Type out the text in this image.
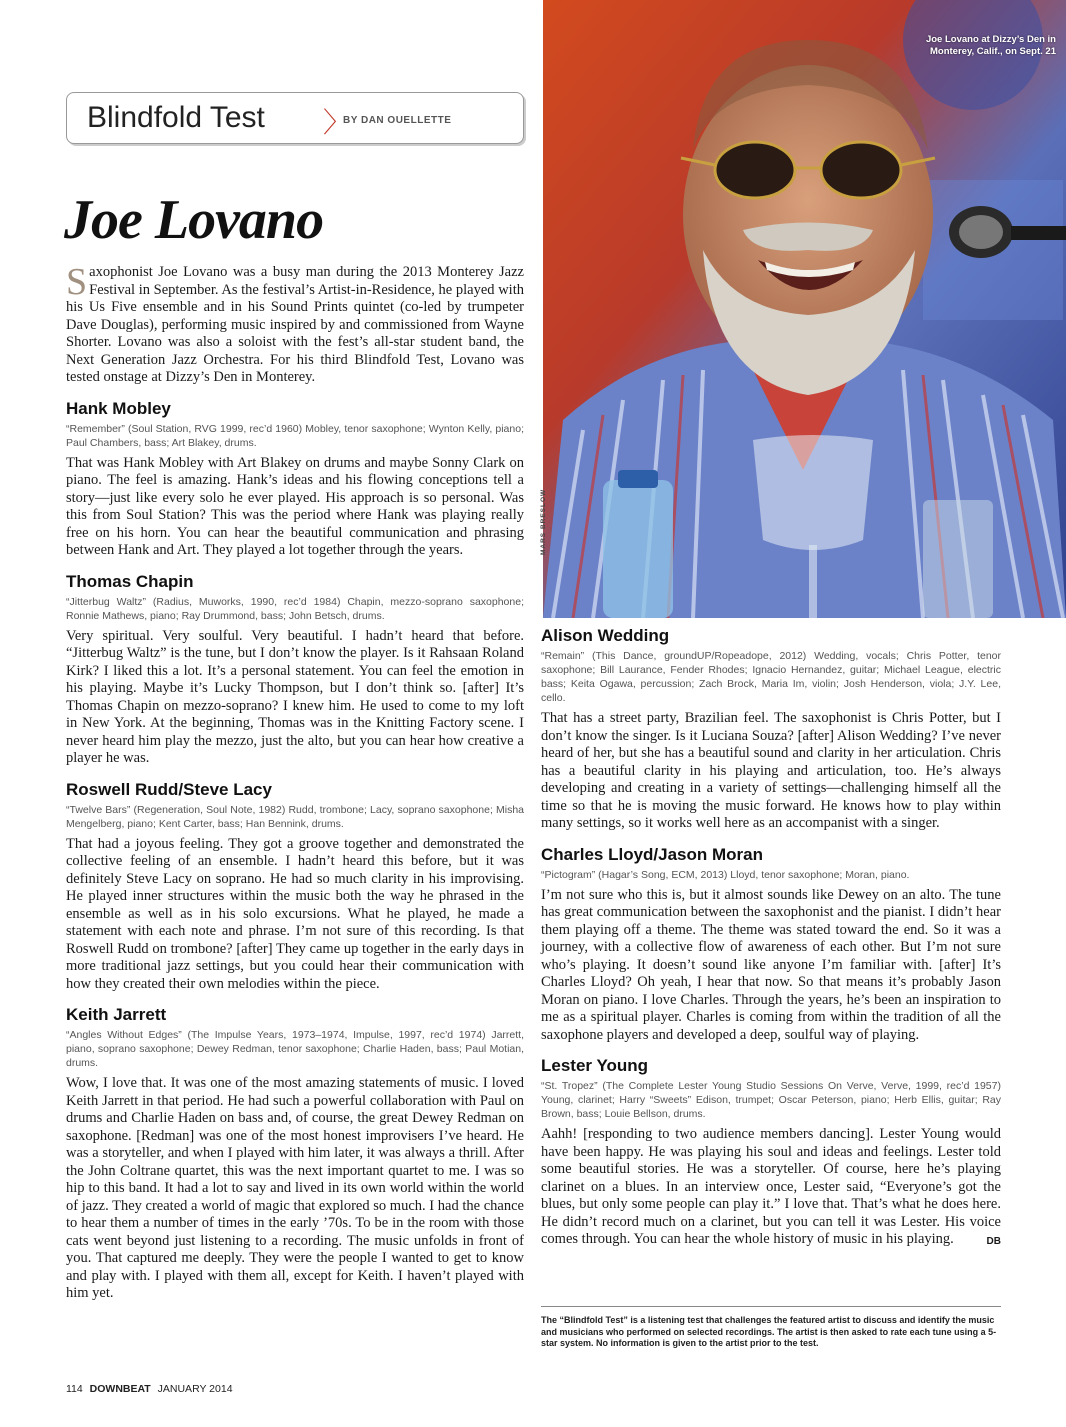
Joe Lovano at Dizzy’s Den in Monterey, Calif., on Sept. 21
MARS BRESLOW
Blindfold Test 〉
BY DAN OUELLETTE
Joe Lovano

Saxophonist Joe Lovano was a busy man during the 2013 Monterey Jazz Festival in September. As the festival’s Artist-in-Residence, he played with his Us Five ensemble and in his Sound Prints quintet (co-led by trumpeter Dave Douglas), performing music inspired by and commissioned from Wayne Shorter. Lovano was also a soloist with the fest’s all-star student band, the Next Generation Jazz Orchestra. For his third Blindfold Test, Lovano was tested onstage at Dizzy’s Den in Monterey.

Hank Mobley

“Remember” (Soul Station, RVG 1999, rec’d 1960) Mobley, tenor saxophone; Wynton Kelly, piano; Paul Chambers, bass; Art Blakey, drums.

That was Hank Mobley with Art Blakey on drums and maybe Sonny Clark on piano. The feel is amazing. Hank’s ideas and his flowing conceptions tell a story—just like every solo he ever played. His approach is so personal. Was this from Soul Station? This was the period where Hank was playing really free on his horn. You can hear the beautiful communication and phrasing between Hank and Art. They played a lot together through the years.

Thomas Chapin

“Jitterbug Waltz” (Radius, Muworks, 1990, rec’d 1984) Chapin, mezzo-soprano saxophone; Ronnie Mathews, piano; Ray Drummond, bass; John Betsch, drums.

Very spiritual. Very soulful. Very beautiful. I hadn’t heard that before. “Jitterbug Waltz” is the tune, but I don’t know the player. Is it Rahsaan Roland Kirk? I liked this a lot. It’s a personal statement. You can feel the emotion in his playing. Maybe it’s Lucky Thompson, but I don’t think so. [after] It’s Thomas Chapin on mezzo-soprano? I knew him. He used to come to my loft in New York. At the beginning, Thomas was in the Knitting Factory scene. I never heard him play the mezzo, just the alto, but you can hear how creative a player he was.

Roswell Rudd/Steve Lacy

“Twelve Bars” (Regeneration, Soul Note, 1982) Rudd, trombone; Lacy, soprano saxophone; Misha Mengelberg, piano; Kent Carter, bass; Han Bennink, drums.

That had a joyous feeling. They got a groove together and demonstrated the collective feeling of an ensemble. I hadn’t heard this before, but it was definitely Steve Lacy on soprano. He had so much clarity in his improvising. He played inner structures within the music both the way he phrased in the ensemble as well as in his solo excursions. What he played, he made a statement with each note and phrase. I’m not sure of this recording. Is that Roswell Rudd on trombone? [after] They came up together in the early days in more traditional jazz settings, but you could hear their communication with how they created their own melodies within the piece.

Keith Jarrett

“Angles Without Edges” (The Impulse Years, 1973–1974, Impulse, 1997, rec’d 1974) Jarrett, piano, soprano saxophone; Dewey Redman, tenor saxophone; Charlie Haden, bass; Paul Motian, drums.

Wow, I love that. It was one of the most amazing statements of music. I loved Keith Jarrett in that period. He had such a powerful collaboration with Paul on drums and Charlie Haden on bass and, of course, the great Dewey Redman on saxophone. [Redman] was one of the most honest improvisers I’ve heard. He was a storyteller, and when I played with him later, it was always a thrill. After the John Coltrane quartet, this was the next important quartet to me. I was so hip to this band. It had a lot to say and lived in its own world within the world of jazz. They created a world of magic that explored so much. I had the chance to hear them a number of times in the early ’70s. To be in the room with those cats went beyond just listening to a recording. The music unfolds in front of you. That captured me deeply. They were the people I wanted to get to know and play with. I played with them all, except for Keith. I haven’t played with him yet.

Alison Wedding

“Remain” (This Dance, groundUP/Ropeadope, 2012) Wedding, vocals; Chris Potter, tenor saxophone; Bill Laurance, Fender Rhodes; Ignacio Hernandez, guitar; Michael League, electric bass; Keita Ogawa, percussion; Zach Brock, Maria Im, violin; Josh Henderson, viola; J.Y. Lee, cello.

That has a street party, Brazilian feel. The saxophonist is Chris Potter, but I don’t know the singer. Is it Luciana Souza? [after] Alison Wedding? I’ve never heard of her, but she has a beautiful sound and clarity in her articulation. Chris has a beautiful clarity in his playing and articulation, too. He’s always developing and creating in a variety of settings—challenging himself all the time so that he is moving the music forward. He knows how to play within many settings, so it works well here as an accompanist with a singer.

Charles Lloyd/Jason Moran

“Pictogram” (Hagar’s Song, ECM, 2013) Lloyd, tenor saxophone; Moran, piano.

I’m not sure who this is, but it almost sounds like Dewey on an alto. The tune has great communication between the saxophonist and the pianist. I didn’t hear them playing off a theme. The theme was stated toward the end. So it was a journey, with a collective flow of awareness of each other. But I’m not sure who’s playing. It doesn’t sound like anyone I’m familiar with. [after] It’s Charles Lloyd? Oh yeah, I hear that now. So that means it’s probably Jason Moran on piano. I love Charles. Through the years, he’s been an inspiration to me as a spiritual player. Charles is coming from within the tradition of all the saxophone players and developed a deep, soulful way of playing.

Lester Young

“St. Tropez” (The Complete Lester Young Studio Sessions On Verve, Verve, 1999, rec’d 1957) Young, clarinet; Harry “Sweets” Edison, trumpet; Oscar Peterson, piano; Herb Ellis, guitar; Ray Brown, bass; Louie Bellson, drums.

Aahh! [responding to two audience members dancing]. Lester Young would have been happy. He was playing his soul and ideas and feelings. Lester told some beautiful stories. He was a storyteller. Of course, here he’s playing clarinet on a blues. In an interview once, Lester said, “Everyone’s got the blues, but only some people can play it.” I love that. That’s what he does here. He didn’t record much on a clarinet, but you can tell it was Lester. His voice comes through. You can hear the whole history of music in his playing.	DB

The “Blindfold Test” is a listening test that challenges the featured artist to discuss and identify the music and musicians who performed on selected recordings. The artist is then asked to rate each tune using a 5-star system. No information is given to the artist prior to the test.
114 DOWNBEAT JANUARY 2014
